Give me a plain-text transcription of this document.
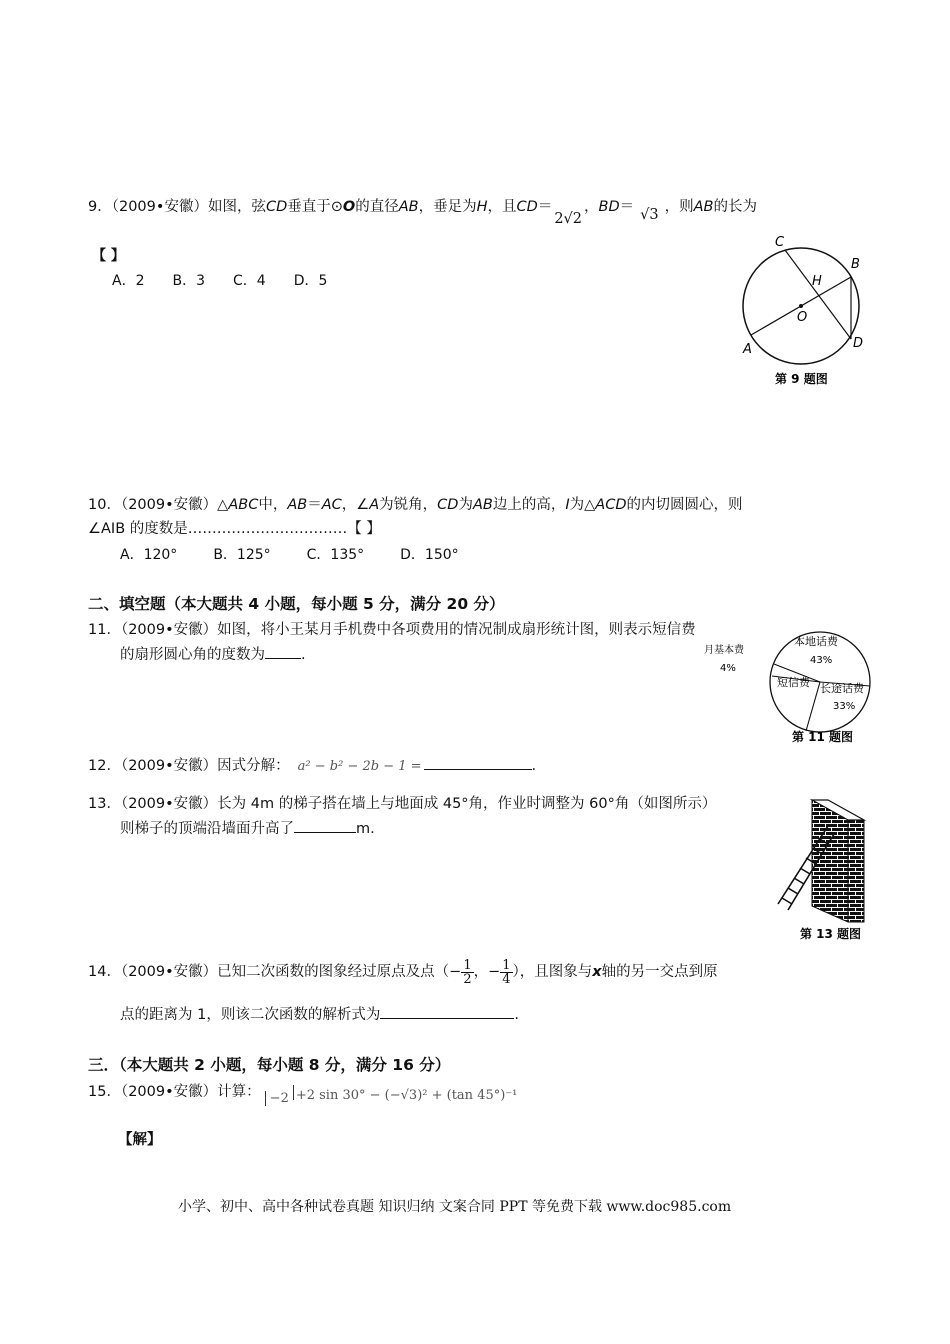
9．（2009•安徽）如图，弦CD垂直于⊙O的直径AB，垂足为H，且CD＝2√2，BD＝ √3 ，则AB的长为
【 】
A．2 B．3 C．4 D．5
C
B
H
O
A	D
第 9 题图
10．（2009•安徽）△ABC中，AB＝AC，∠A为锐角，CD为AB边上的高，I为△ACD的内切圆圆心，则
∠AIB 的度数是……………………………【 】
A．120°	B．125°	C．135°	D．150°
二、填空题（本大题共 4 小题，每小题 5 分，满分 20 分）
11．（2009•安徽）如图，将小王某月手机费中各项费用的情况制成扇形统计图，则表示短信费
的扇形圆心角的度数为 .
本地话费
43%
月基本费
4%
短信费 长途话费
33%
第 11 题图
12．（2009•安徽）因式分解： a² − b² − 2b − 1 =	.
13．（2009•安徽）长为 4m 的梯子搭在墙上与地面成 45°角，作业时调整为 60°角（如图所示）
则梯子的顶端沿墙面升高了	m.
第 13 题图
14．（2009•安徽）已知二次函数的图象经过原点及点（− $\frac{1}{2}$ ，− $\frac{1}{4}$ ），且图象与x轴的另一交点到原
点的距离为 1，则该二次函数的解析式为	.
三．（本大题共 2 小题，每小题 8 分，满分 16 分）
15．（2009•安徽）计算： −2 +2 sin 30° − (−√3)² + (tan 45°)⁻¹
【解】
小学、初中、高中各种试卷真题 知识归纳 文案合同 PPT 等免费下载 www.doc985.com
